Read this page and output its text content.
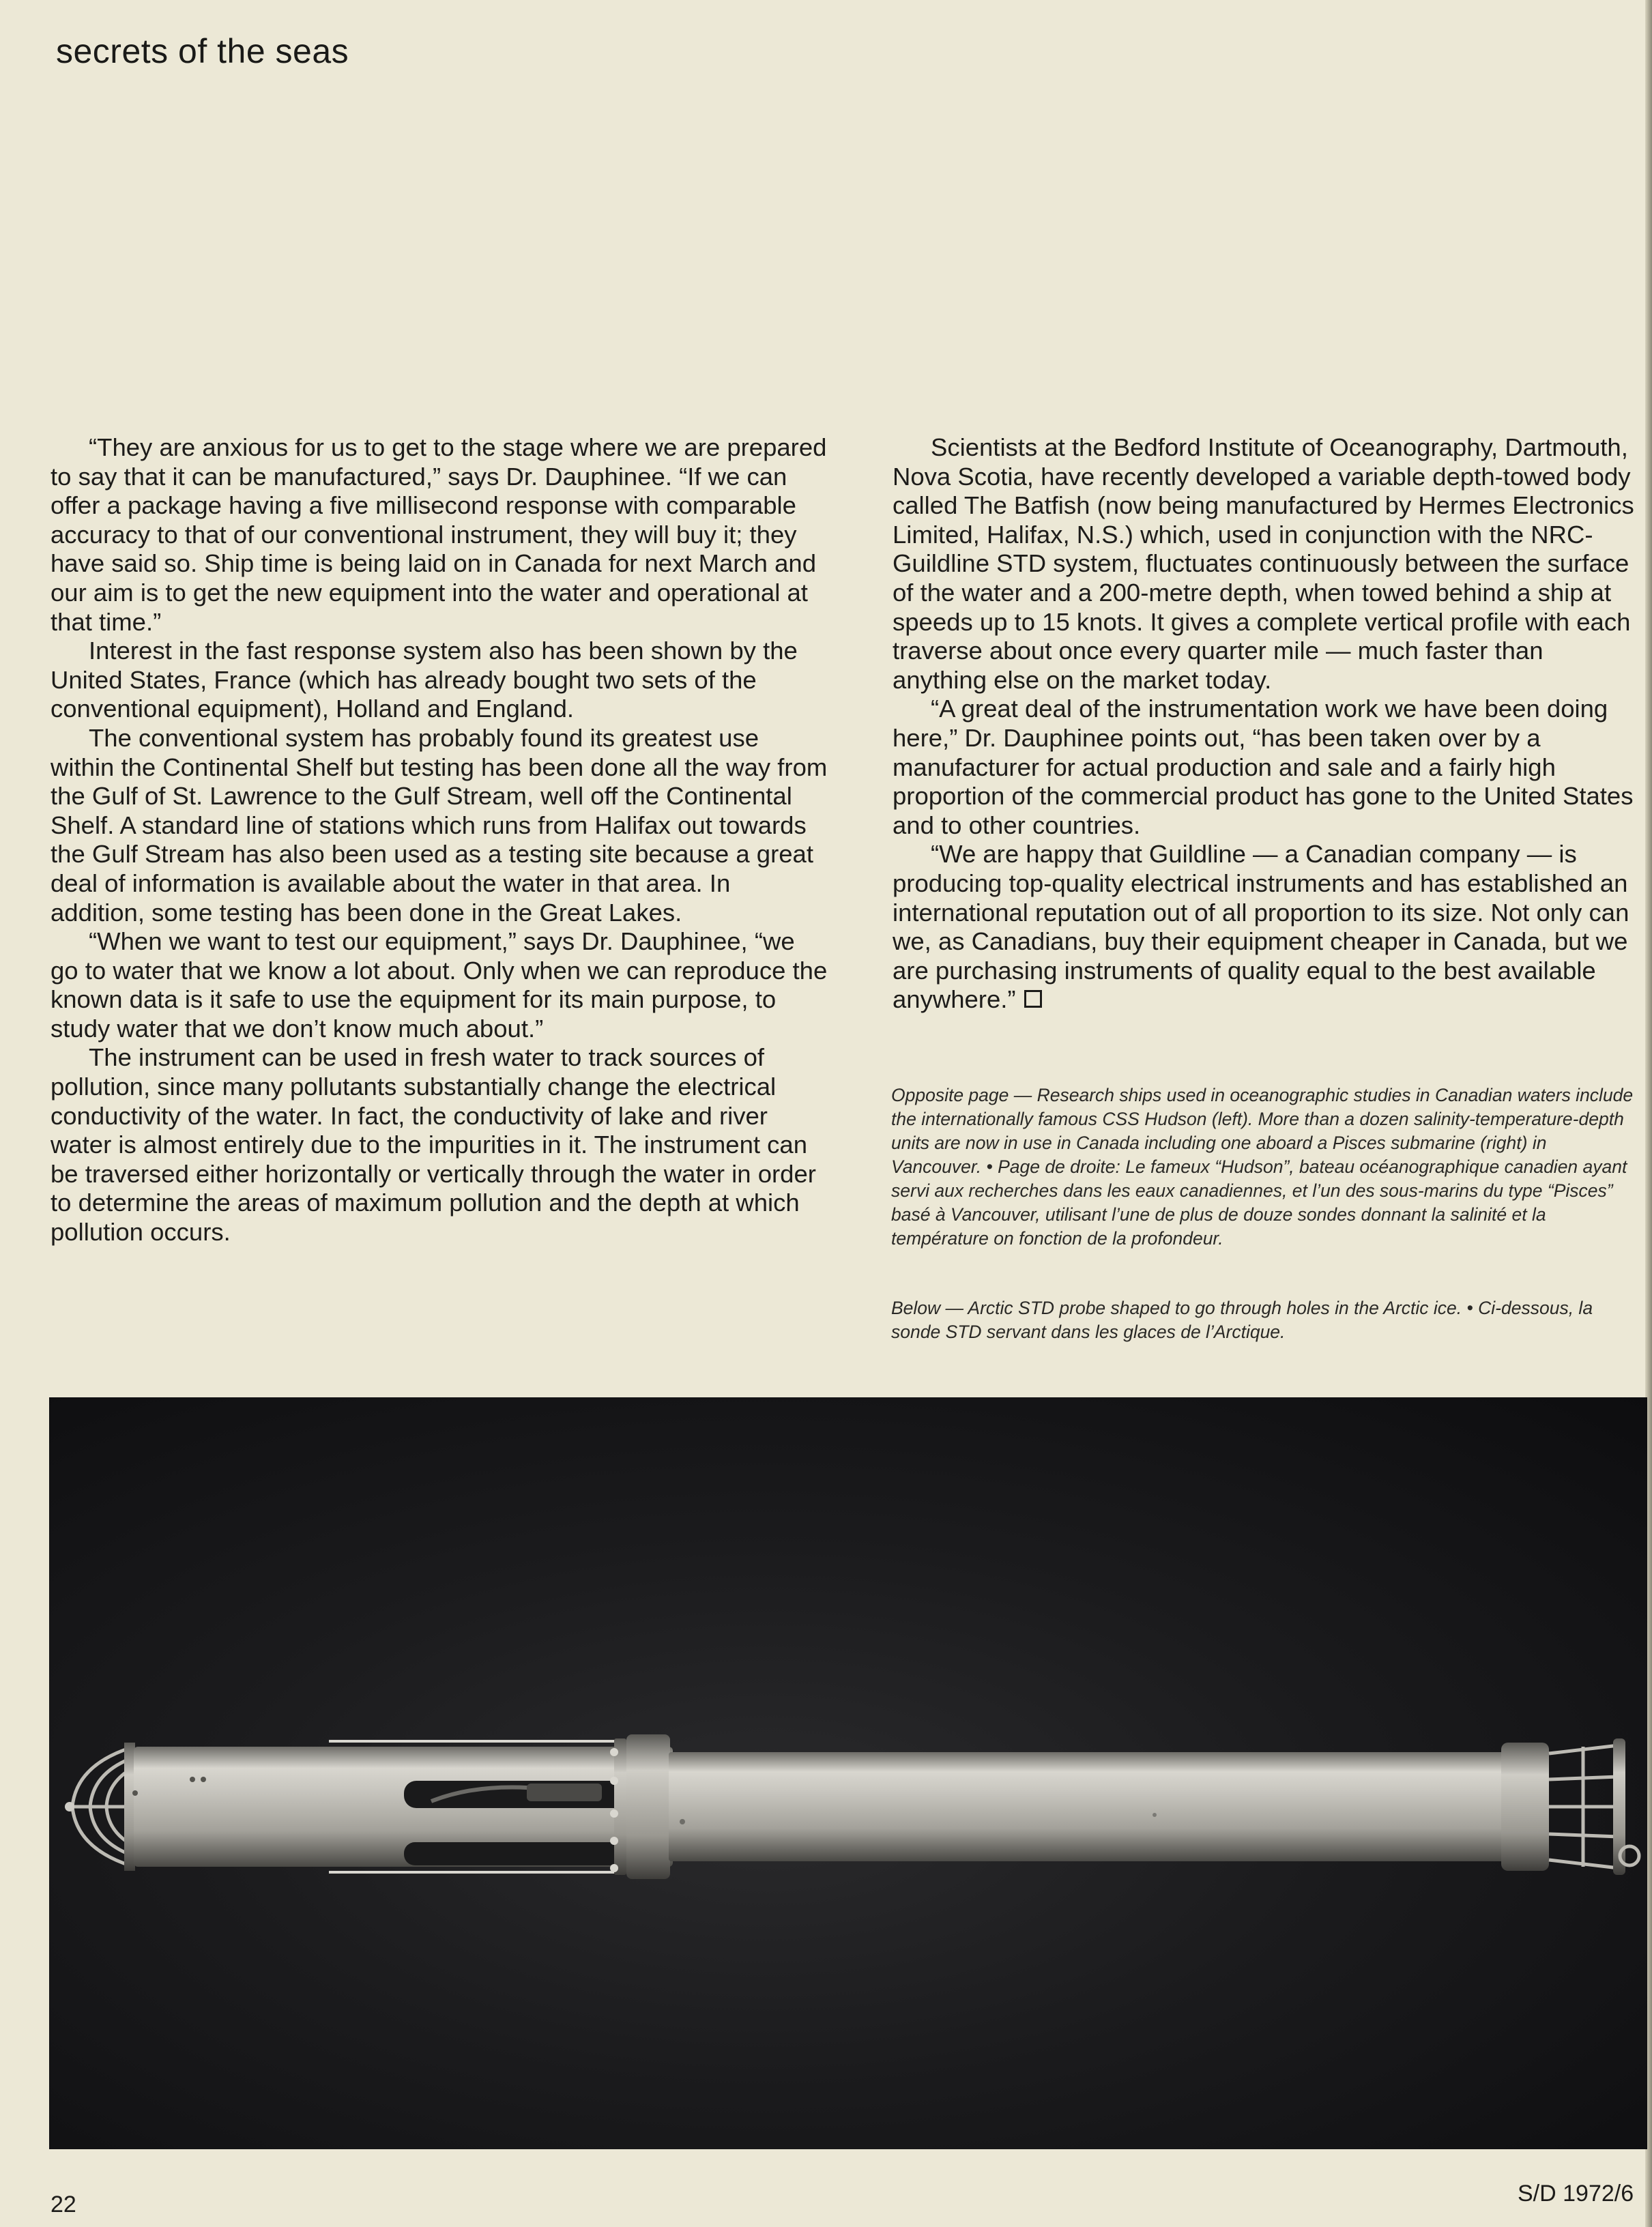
secrets of the seas

“They are anxious for us to get to the stage where we are prepared to say that it can be manufactured,” says Dr. Dauphinee. “If we can offer a package having a five millisecond response with comparable accuracy to that of our conventional instrument, they will buy it; they have said so. Ship time is being laid on in Canada for next March and our aim is to get the new equipment into the water and operational at that time.”

Interest in the fast response system also has been shown by the United States, France (which has already bought two sets of the conventional equipment), Holland and England.

The conventional system has probably found its greatest use within the Continental Shelf but testing has been done all the way from the Gulf of St. Lawrence to the Gulf Stream, well off the Continental Shelf. A standard line of stations which runs from Halifax out towards the Gulf Stream has also been used as a testing site because a great deal of information is available about the water in that area. In addition, some testing has been done in the Great Lakes.

“When we want to test our equipment,” says Dr. Dauphinee, “we go to water that we know a lot about. Only when we can reproduce the known data is it safe to use the equipment for its main purpose, to study water that we don’t know much about.”

The instrument can be used in fresh water to track sources of pollution, since many pollutants substantially change the electrical conductivity of the water. In fact, the conductivity of lake and river water is almost entirely due to the impurities in it. The instrument can be traversed either horizontally or vertically through the water in order to determine the areas of maximum pollution and the depth at which pollution occurs.

Scientists at the Bedford Institute of Oceanography, Dartmouth, Nova Scotia, have recently developed a variable depth-towed body called The Batfish (now being manufactured by Hermes Electronics Limited, Halifax, N.S.) which, used in conjunction with the NRC-Guildline STD system, fluctuates continuously between the surface of the water and a 200-metre depth, when towed behind a ship at speeds up to 15 knots. It gives a complete vertical profile with each traverse about once every quarter mile — much faster than anything else on the market today.

“A great deal of the instrumentation work we have been doing here,” Dr. Dauphinee points out, “has been taken over by a manufacturer for actual production and sale and a fairly high proportion of the commercial product has gone to the United States and to other countries.

“We are happy that Guildline — a Canadian company — is producing top-quality electrical instruments and has established an international reputation out of all proportion to its size. Not only can we, as Canadians, buy their equipment cheaper in Canada, but we are purchasing instruments of quality equal to the best available anywhere.”

Opposite page — Research ships used in oceanographic studies in Canadian waters include the internationally famous CSS Hudson (left). More than a dozen salinity-temperature-depth units are now in use in Canada including one aboard a Pisces submarine (right) in Vancouver. • Page de droite: Le fameux “Hudson”, bateau océanographique canadien ayant servi aux recherches dans les eaux canadiennes, et l’un des sous-marins du type “Pisces” basé à Vancouver, utilisant l’une de plus de douze sondes donnant la salinité et la température on fonction de la profondeur.
Below — Arctic STD probe shaped to go through holes in the Arctic ice. • Ci-dessous, la sonde STD servant dans les glaces de l’Arctique.
22	S/D 1972/6
